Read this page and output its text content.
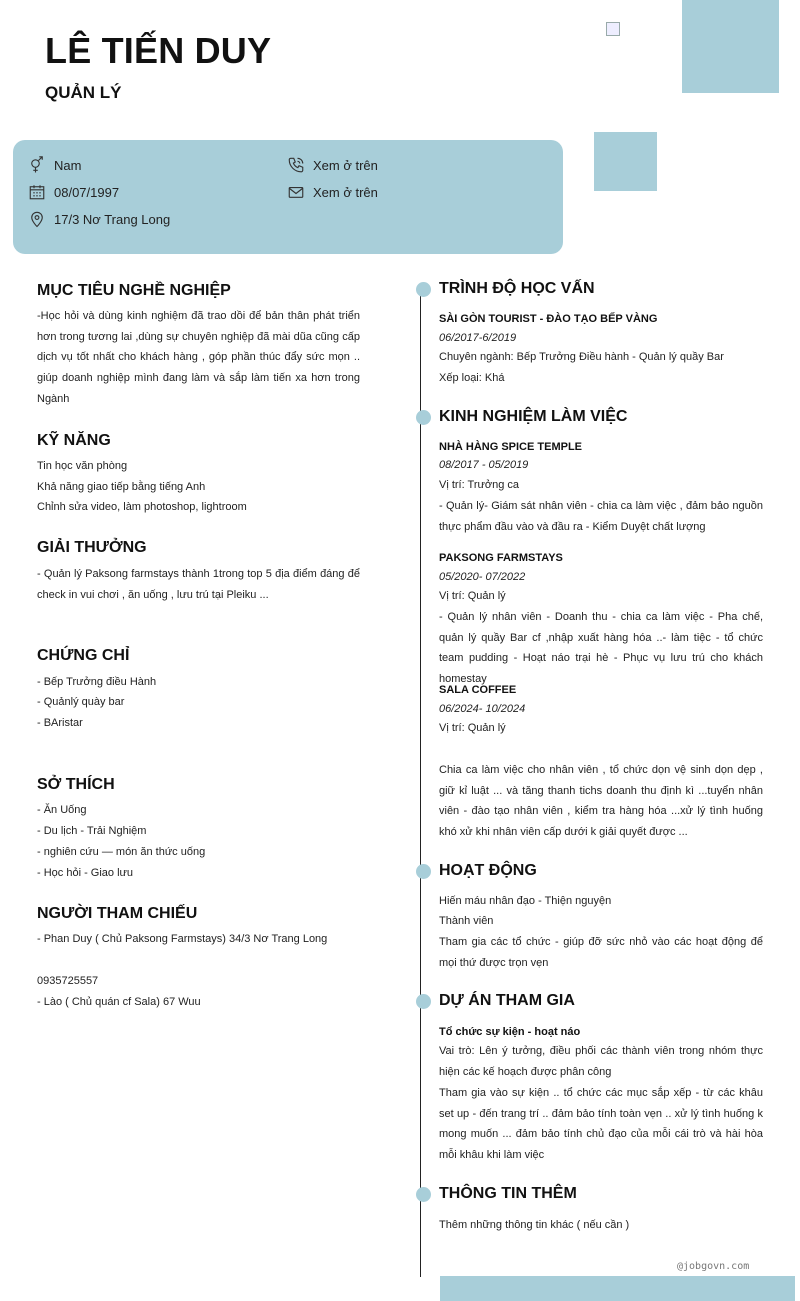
LÊ TIẾN DUY
QUẢN LÝ
Nam
08/07/1997
17/3 Nơ Trang Long
Xem ở trên
Xem ở trên
MỤC TIÊU NGHỀ NGHIỆP

-Học hỏi và dùng kinh nghiệm đã trao dồi để bản thân phát triển hơn trong tương lai ,dùng sự chuyên nghiệp đã mài dũa cũng cấp dịch vụ tốt nhất cho khách hàng , góp phần thúc đẩy sức mọn .. giúp doanh nghiệp mình đang làm và sắp làm tiến xa hơn trong Ngành

KỸ NĂNG

Tin học văn phòng

Khả năng giao tiếp bằng tiếng Anh

Chỉnh sửa video, làm photoshop, lightroom

GIẢI THƯỞNG

- Quản lý Paksong farmstays thành 1trong top 5 địa điểm đáng để check in vui chơi , ăn uống , lưu trú tại Pleiku ...

CHỨNG CHỈ

- Bếp Trưởng điều Hành

- Quảnlý quày bar

- BAristar

SỞ THÍCH

- Ăn Uống

- Du lịch - Trải Nghiệm

- nghiên cứu — món ăn thức uống

- Học hỏi - Giao lưu

NGƯỜI THAM CHIẾU

- Phan Duy ( Chủ Paksong Farmstays) 34/3 Nơ Trang Long

0935725557

- Lào ( Chủ quán cf Sala) 67 Wuu

TRÌNH ĐỘ HỌC VẤN

SÀI GÒN TOURIST - ĐÀO TẠO BẾP VÀNG

06/2017-6/2019

Chuyên ngành: Bếp Trưởng Điều hành - Quản lý quầy Bar

Xếp loại: Khá

KINH NGHIỆM LÀM VIỆC

NHÀ HÀNG SPICE TEMPLE

08/2017 - 05/2019

Vị trí: Trưởng ca

- Quản lý- Giám sát nhân viên - chia ca làm việc , đảm bảo nguồn thực phẩm đầu vào và đầu ra - Kiểm Duyệt chất lượng

PAKSONG FARMSTAYS

05/2020- 07/2022

Vị trí: Quản lý

- Quản lý nhân viên - Doanh thu - chia ca làm việc - Pha chế, quản lý quầy Bar cf ,nhập xuất hàng hóa ..- làm tiệc - tổ chức team pudding - Hoạt náo trại hè - Phục vụ lưu trú cho khách homestay

SALA COFFEE

06/2024- 10/2024

Vị trí: Quản lý

Chia ca làm việc cho nhân viên , tổ chức dọn vệ sinh dọn dẹp , giữ kỉ luật ... và tăng thanh tichs doanh thu định kì ...tuyển nhân viên - đào tạo nhân viên , kiểm tra hàng hóa ...xử lý tình huống khó xử khi nhân viên cấp dưới k giải quyết được ...

HOẠT ĐỘNG

Hiến máu nhân đạo - Thiện nguyện

Thành viên

Tham gia các tổ chức - giúp đỡ sức nhỏ vào các hoạt động để mọi thứ được trọn vẹn

DỰ ÁN THAM GIA

Tổ chức sự kiện - hoạt náo

Vai trò: Lên ý tưởng, điều phối các thành viên trong nhóm thực hiện các kế hoạch được phân công

Tham gia vào sự kiện .. tổ chức các mục sắp xếp - từ các khâu set up - đến trang trí .. đảm bảo tính toàn vẹn .. xử lý tình huống k mong muốn ... đảm bảo tính chủ đạo của mỗi cái trò và hài hòa mỗi khâu khi làm việc

THÔNG TIN THÊM

Thêm những thông tin khác ( nếu cần )

@jobgovn.com
